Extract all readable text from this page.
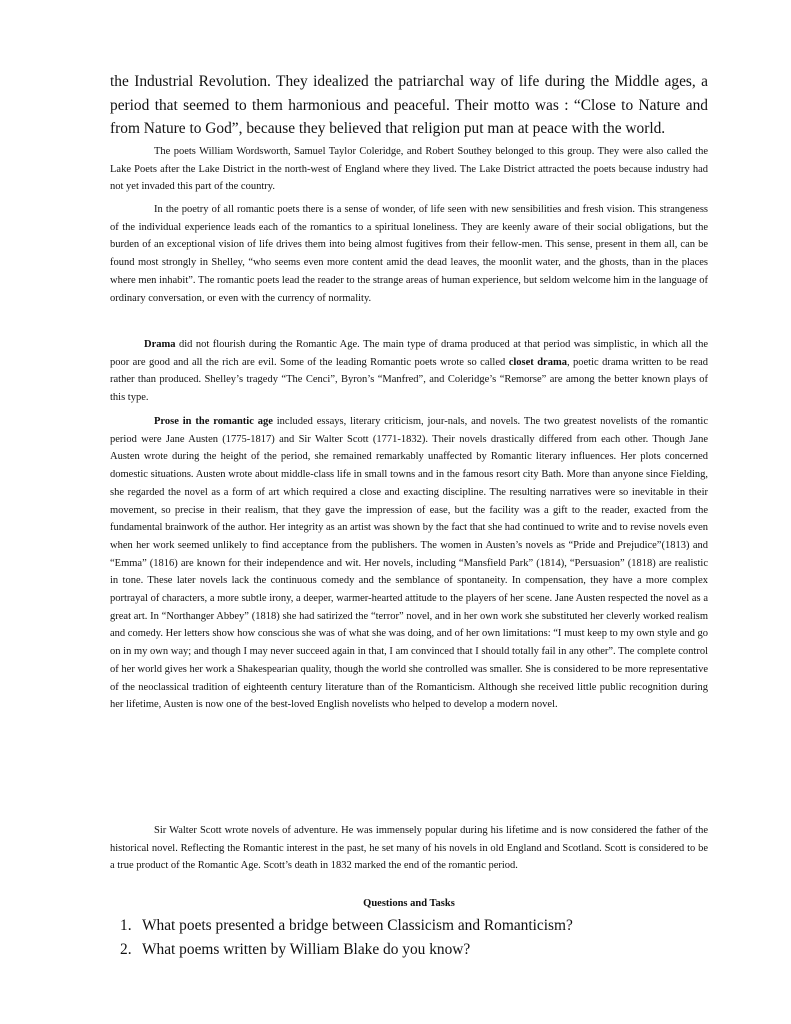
the Industrial Revolution. They idealized the patriarchal way of life during the Middle ages, a period that seemed to them harmonious and peaceful. Their motto was : “Close to Nature and from Nature to God”, because they believed that religion put man at peace with the world.

The poets William Wordsworth, Samuel Taylor Coleridge, and Robert Southey belonged to this group. They were also called the Lake Poets after the Lake District in the north-west of England where they lived. The Lake District attracted the poets because industry had not yet invaded this part of the country.

In the poetry of all romantic poets there is a sense of wonder, of life seen with new sensibilities and fresh vision. This strangeness of the individual experience leads each of the romantics to a spiritual loneliness. They are keenly aware of their social obligations, but the burden of an exceptional vision of life drives them into being almost fugitives from their fellow-men. This sense, present in them all, can be found most strongly in Shelley, “who seems even more content amid the dead leaves, the moonlit water, and the ghosts, than in the places where men inhabit”. The romantic poets lead the reader to the strange areas of human experience, but seldom welcome him in the language of ordinary conversation, or even with the currency of normality.

Drama did not flourish during the Romantic Age. The main type of drama produced at that period was simplistic, in which all the poor are good and all the rich are evil. Some of the leading Romantic poets wrote so called closet drama, poetic drama written to be read rather than produced. Shelley’s tragedy “The Cenci”, Byron’s “Manfred”, and Coleridge’s “Remorse” are among the better known plays of this type.

Prose in the romantic age included essays, literary criticism, jour-nals, and novels. The two greatest novelists of the romantic period were Jane Austen (1775-1817) and Sir Walter Scott (1771-1832). Their novels drastically differed from each other. Though Jane Austen wrote during the height of the period, she remained remarkably unaffected by Romantic literary influences. Her plots concerned domestic situations. Austen wrote about middle-class life in small towns and in the famous resort city Bath. More than anyone since Fielding, she regarded the novel as a form of art which required a close and exacting discipline. The resulting narratives were so inevitable in their movement, so precise in their realism, that they gave the impression of ease, but the facility was a gift to the reader, exacted from the fundamental brainwork of the author. Her integrity as an artist was shown by the fact that she had continued to write and to revise novels even when her work seemed unlikely to find acceptance from the publishers. The women in Austen’s novels as “Pride and Prejudice”(1813) and “Emma” (1816) are known for their independence and wit. Her novels, including “Mansfield Park” (1814), “Persuasion” (1818) are realistic in tone. These later novels lack the continuous comedy and the semblance of spontaneity. In compensation, they have a more complex portrayal of characters, a more subtle irony, a deeper, warmer-hearted attitude to the players of her scene. Jane Austen respected the novel as a great art. In “Northanger Abbey” (1818) she had satirized the “terror” novel, and in her own work she substituted her cleverly worked realism and comedy. Her letters show how conscious she was of what she was doing, and of her own limitations: “I must keep to my own style and go on in my own way; and though I may never succeed again in that, I am convinced that I should totally fail in any other”. The complete control of her world gives her work a Shakespearian quality, though the world she controlled was smaller. She is considered to be more representative of the neoclassical tradition of eighteenth century literature than of the Romanticism. Although she received little public recognition during her lifetime, Austen is now one of the best-loved English novelists who helped to develop a modern novel.

Sir Walter Scott wrote novels of adventure. He was immensely popular during his lifetime and is now considered the father of the historical novel. Reflecting the Romantic interest in the past, he set many of his novels in old England and Scotland. Scott is considered to be a true product of the Romantic Age. Scott’s death in 1832 marked the end of the romantic period.

Questions and Tasks

1. What poets presented a bridge between Classicism and Romanticism?
2. What poems written by William Blake do you know?
